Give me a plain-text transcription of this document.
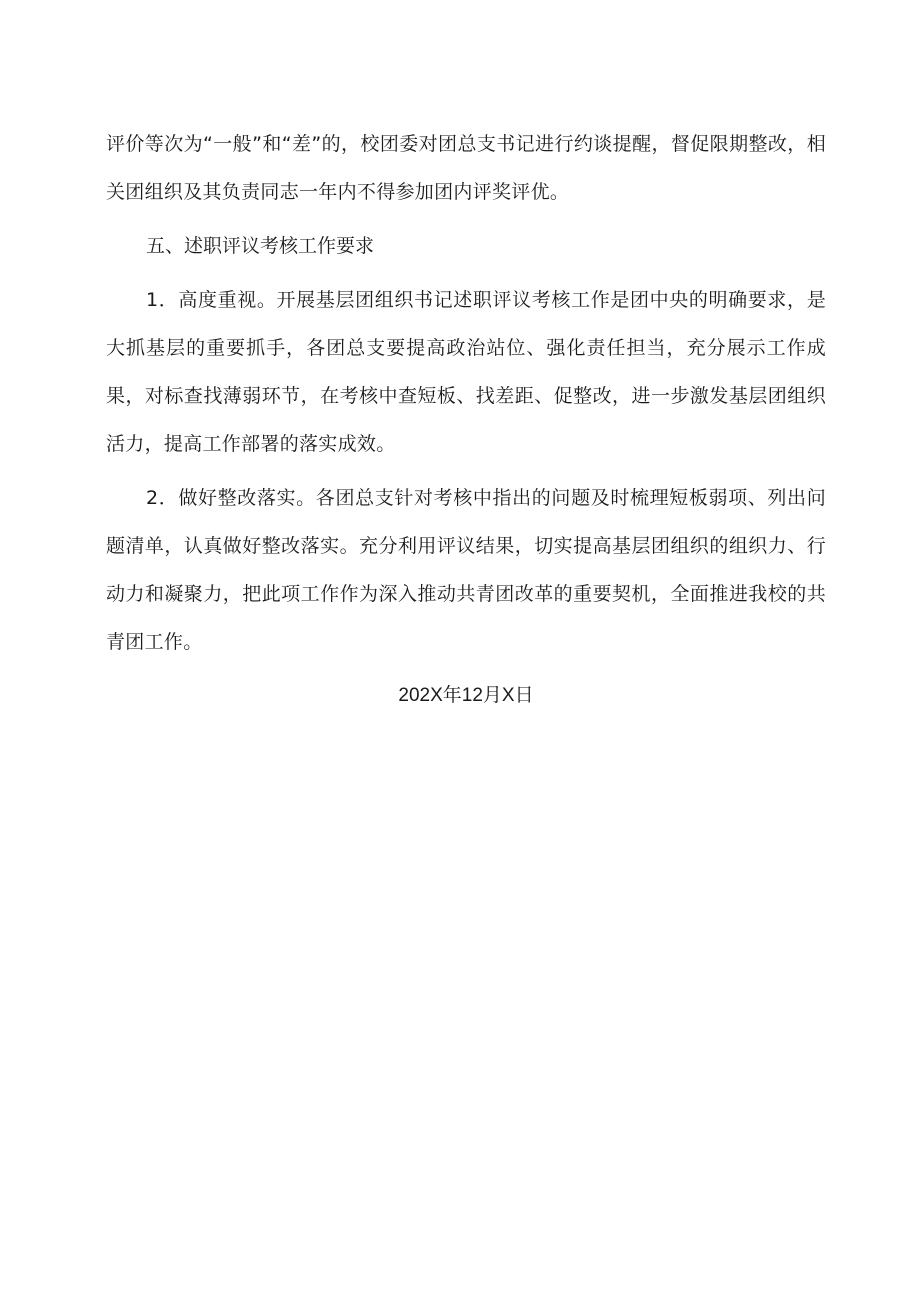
评价等次为“一般”和“差”的，校团委对团总支书记进行约谈提醒，督促限期整改，相关团组织及其负责同志一年内不得参加团内评奖评优。

五、述职评议考核工作要求

1．高度重视。开展基层团组织书记述职评议考核工作是团中央的明确要求，是大抓基层的重要抓手，各团总支要提高政治站位、强化责任担当，充分展示工作成果，对标查找薄弱环节，在考核中查短板、找差距、促整改，进一步激发基层团组织活力，提高工作部署的落实成效。

2．做好整改落实。各团总支针对考核中指出的问题及时梳理短板弱项、列出问题清单，认真做好整改落实。充分利用评议结果，切实提高基层团组织的组织力、行动力和凝聚力，把此项工作作为深入推动共青团改革的重要契机，全面推进我校的共青团工作。

202X年12月X日
